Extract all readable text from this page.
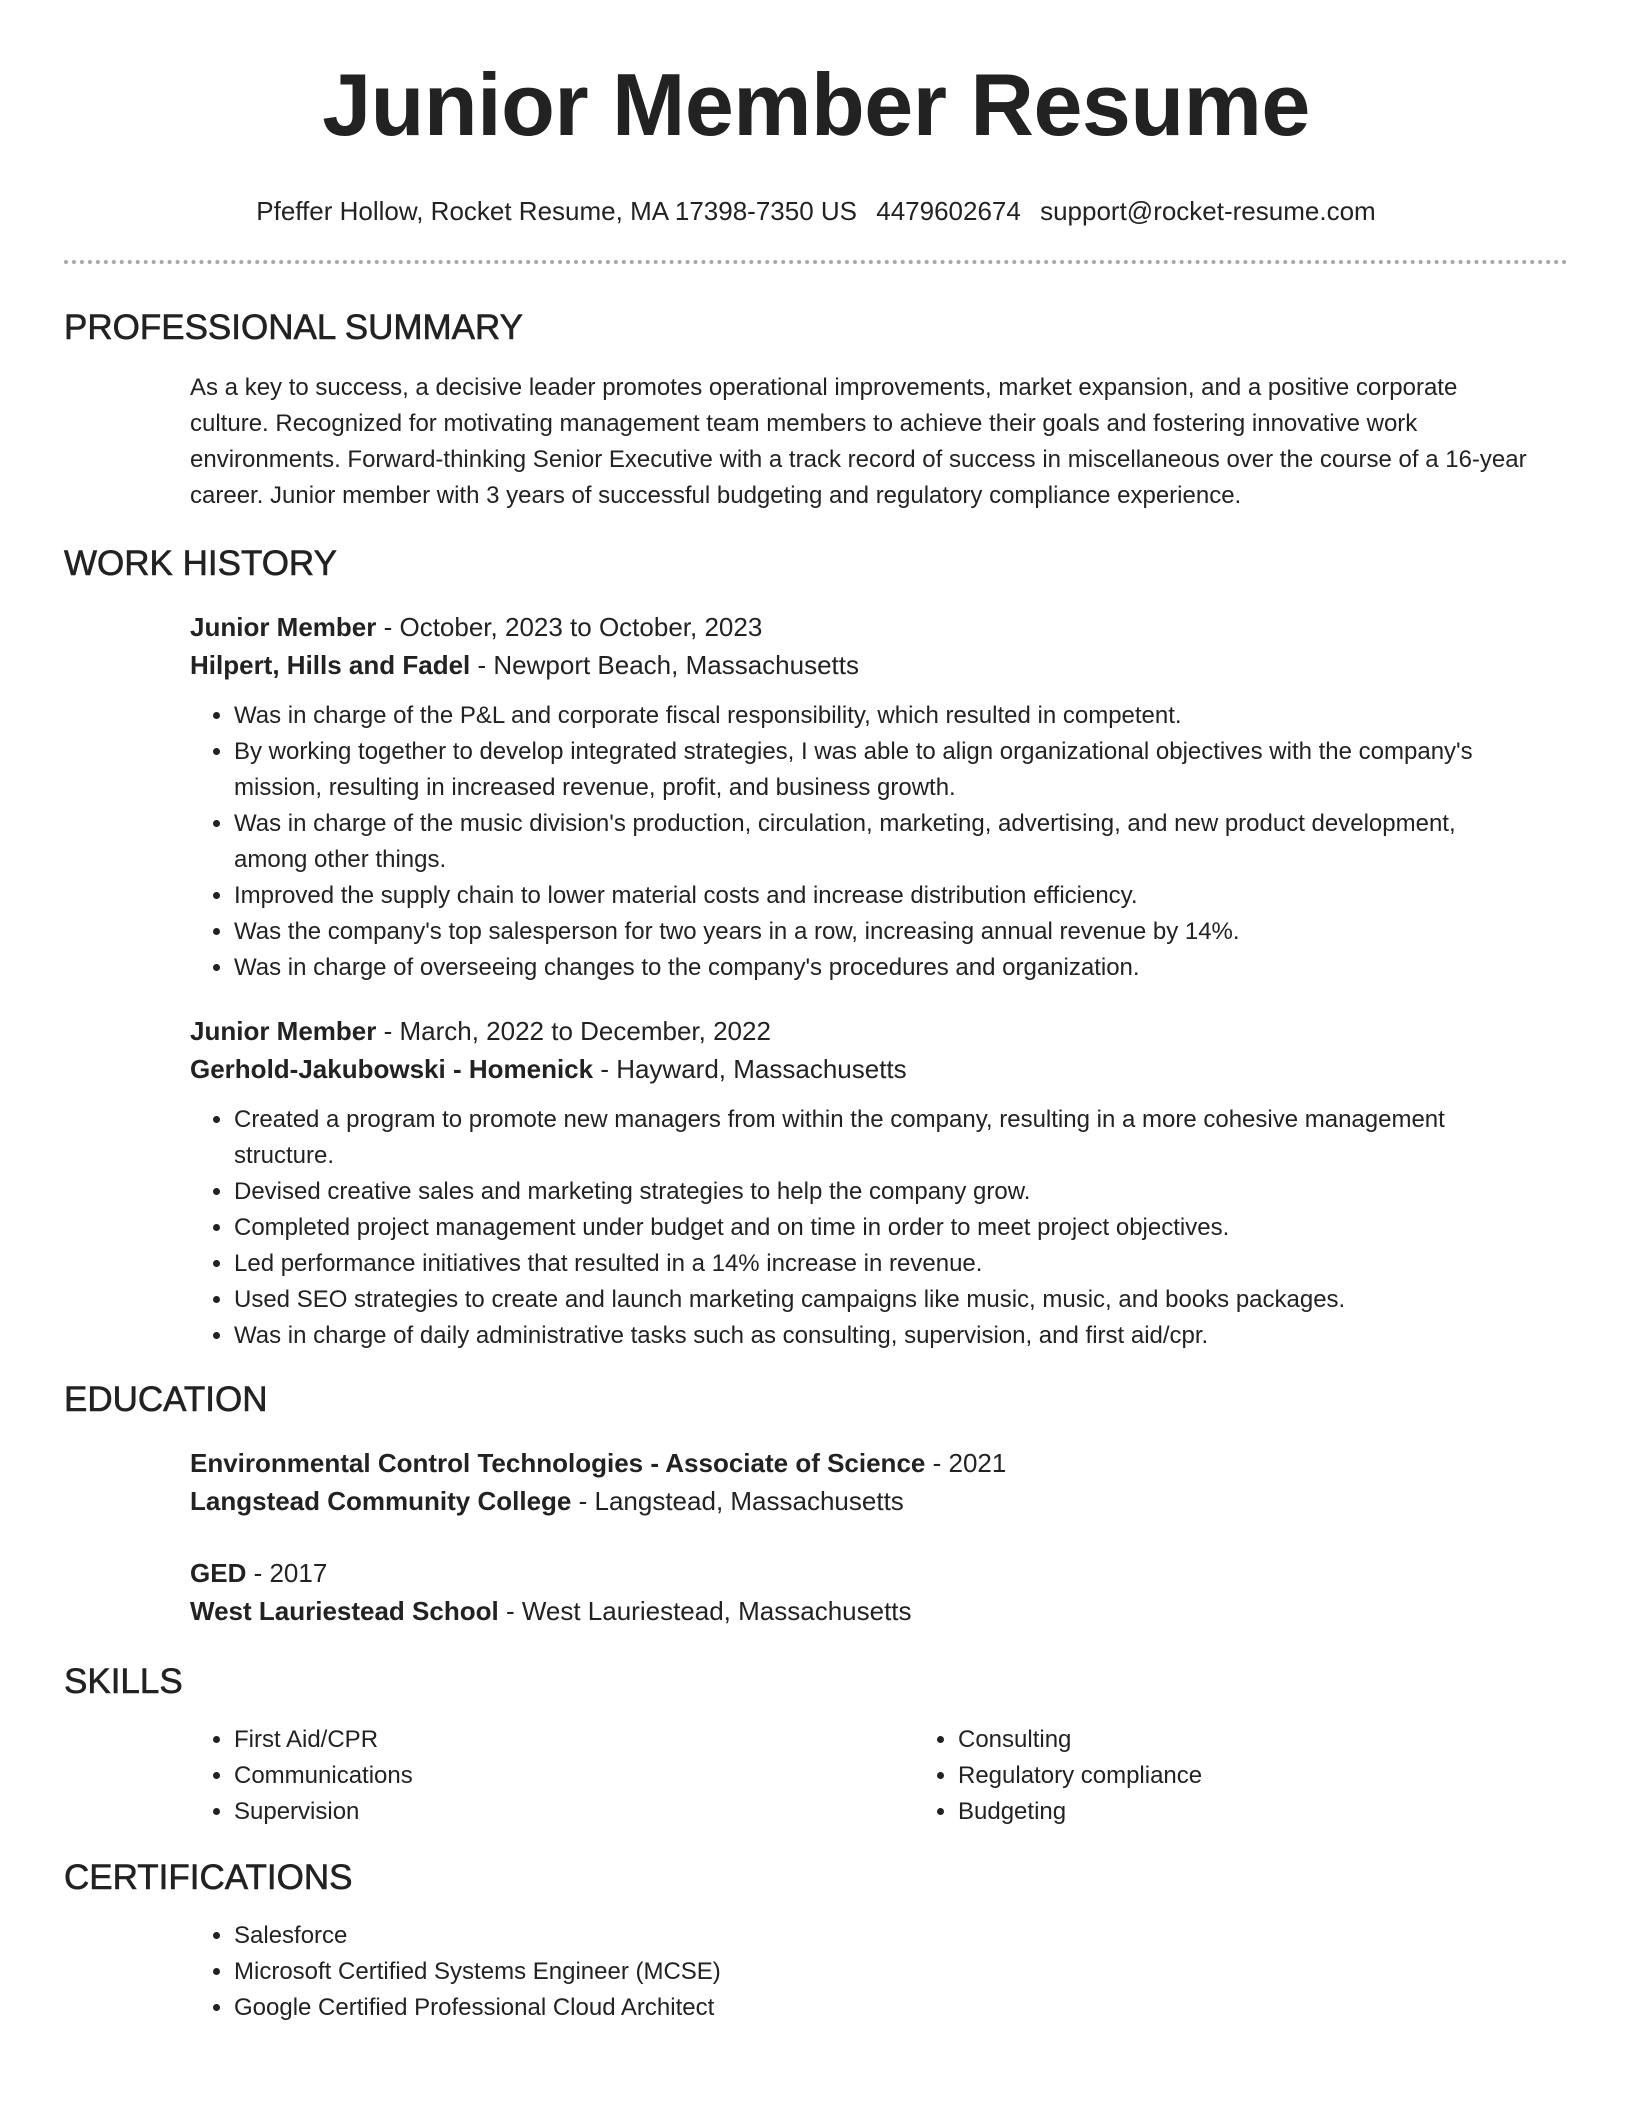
Junior Member Resume
Pfeffer Hollow, Rocket Resume, MA 17398-7350 US 4479602674 support@rocket-resume.com
PROFESSIONAL SUMMARY

As a key to success, a decisive leader promotes operational improvements, market expansion, and a positive corporate culture. Recognized for motivating management team members to achieve their goals and fostering innovative work environments. Forward-thinking Senior Executive with a track record of success in miscellaneous over the course of a 16-year career. Junior member with 3 years of successful budgeting and regulatory compliance experience.

WORK HISTORY
Junior Member - October, 2023 to October, 2023
Hilpert, Hills and Fadel - Newport Beach, Massachusetts
• Was in charge of the P&L and corporate fiscal responsibility, which resulted in competent.
• By working together to develop integrated strategies, I was able to align organizational objectives with the company's mission, resulting in increased revenue, profit, and business growth.
• Was in charge of the music division's production, circulation, marketing, advertising, and new product development, among other things.
• Improved the supply chain to lower material costs and increase distribution efficiency.
• Was the company's top salesperson for two years in a row, increasing annual revenue by 14%.
• Was in charge of overseeing changes to the company's procedures and organization.
Junior Member - March, 2022 to December, 2022
Gerhold-Jakubowski - Homenick - Hayward, Massachusetts
• Created a program to promote new managers from within the company, resulting in a more cohesive management structure.
• Devised creative sales and marketing strategies to help the company grow.
• Completed project management under budget and on time in order to meet project objectives.
• Led performance initiatives that resulted in a 14% increase in revenue.
• Used SEO strategies to create and launch marketing campaigns like music, music, and books packages.
• Was in charge of daily administrative tasks such as consulting, supervision, and first aid/cpr.
EDUCATION
Environmental Control Technologies - Associate of Science - 2021
Langstead Community College - Langstead, Massachusetts
GED - 2017
West Lauriestead School - West Lauriestead, Massachusetts
SKILLS
• First Aid/CPR
• Communications
• Supervision
• Consulting
• Regulatory compliance
• Budgeting
CERTIFICATIONS
• Salesforce
• Microsoft Certified Systems Engineer (MCSE)
• Google Certified Professional Cloud Architect
